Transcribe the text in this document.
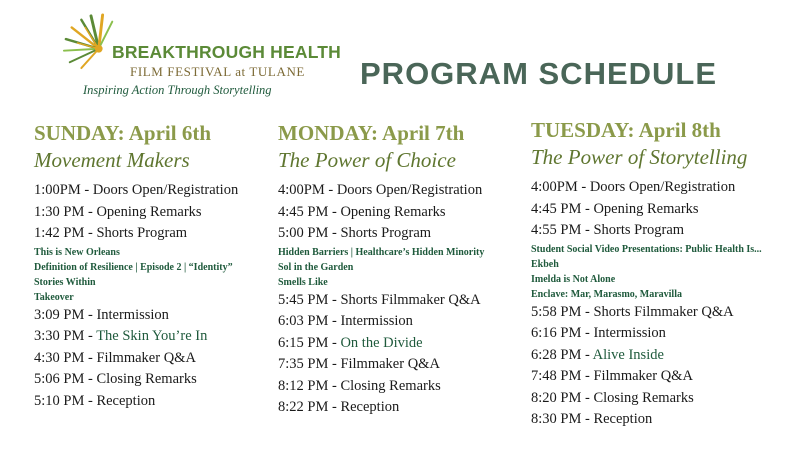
BREAKTHROUGH HEALTH
FILM FESTIVAL at TULANE
Inspiring Action Through Storytelling	PROGRAM SCHEDULE
SUNDAY: April 6th
Movement Makers
1:00PM - Doors Open/Registration
1:30 PM - Opening Remarks
1:42 PM - Shorts Program
This is New Orleans
Definition of Resilience | Episode 2 | “Identity”
Stories Within
Takeover
3:09 PM - Intermission
3:30 PM - The Skin You’re In
4:30 PM - Filmmaker Q&A
5:06 PM - Closing Remarks
5:10 PM - Reception
MONDAY: April 7th
The Power of Choice
4:00PM - Doors Open/Registration
4:45 PM - Opening Remarks
5:00 PM - Shorts Program
Hidden Barriers | Healthcare’s Hidden Minority
Sol in the Garden
Smells Like
5:45 PM - Shorts Filmmaker Q&A
6:03 PM - Intermission
6:15 PM - On the Divide
7:35 PM - Filmmaker Q&A
8:12 PM - Closing Remarks
8:22 PM - Reception
TUESDAY: April 8th
The Power of Storytelling
4:00PM - Doors Open/Registration
4:45 PM - Opening Remarks
4:55 PM - Shorts Program
Student Social Video Presentations: Public Health Is...
Ekbeh
Imelda is Not Alone
Enclave: Mar, Marasmo, Maravilla
5:58 PM - Shorts Filmmaker Q&A
6:16 PM - Intermission
6:28 PM - Alive Inside
7:48 PM - Filmmaker Q&A
8:20 PM - Closing Remarks
8:30 PM - Reception
